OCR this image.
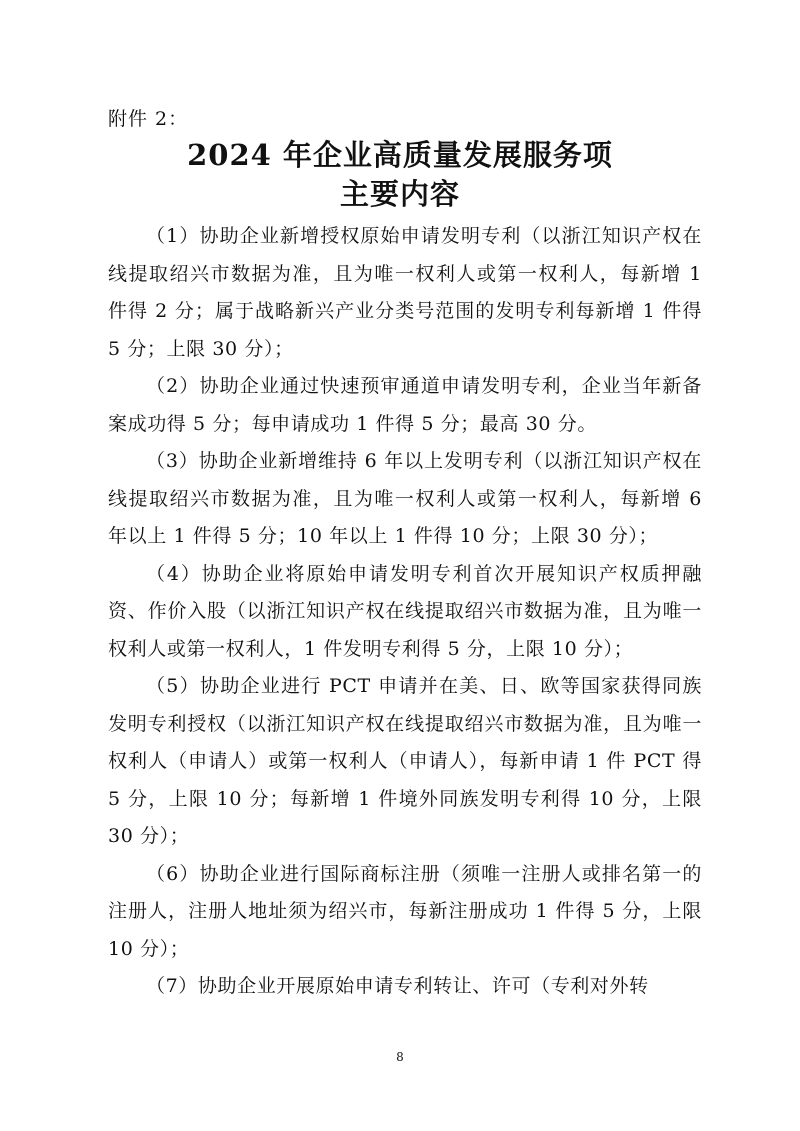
附件 2：
2024 年企业高质量发展服务项
主要内容

（1）协助企业新增授权原始申请发明专利（以浙江知识产权在线提取绍兴市数据为准，且为唯一权利人或第一权利人，每新增 1 件得 2 分；属于战略新兴产业分类号范围的发明专利每新增 1 件得 5 分；上限 30 分）；

（2）协助企业通过快速预审通道申请发明专利，企业当年新备案成功得 5 分；每申请成功 1 件得 5 分；最高 30 分。

（3）协助企业新增维持 6 年以上发明专利（以浙江知识产权在线提取绍兴市数据为准，且为唯一权利人或第一权利人，每新增 6 年以上 1 件得 5 分；10 年以上 1 件得 10 分；上限 30 分）；

（4）协助企业将原始申请发明专利首次开展知识产权质押融资、作价入股（以浙江知识产权在线提取绍兴市数据为准，且为唯一权利人或第一权利人，1 件发明专利得 5 分，上限 10 分）；

（5）协助企业进行 PCT 申请并在美、日、欧等国家获得同族发明专利授权（以浙江知识产权在线提取绍兴市数据为准，且为唯一权利人（申请人）或第一权利人（申请人），每新申请 1 件 PCT 得 5 分，上限 10 分；每新增 1 件境外同族发明专利得 10 分，上限 30 分）；

（6）协助企业进行国际商标注册（须唯一注册人或排名第一的注册人，注册人地址须为绍兴市，每新注册成功 1 件得 5 分，上限 10 分）；

（7）协助企业开展原始申请专利转让、许可（专利对外转

8
